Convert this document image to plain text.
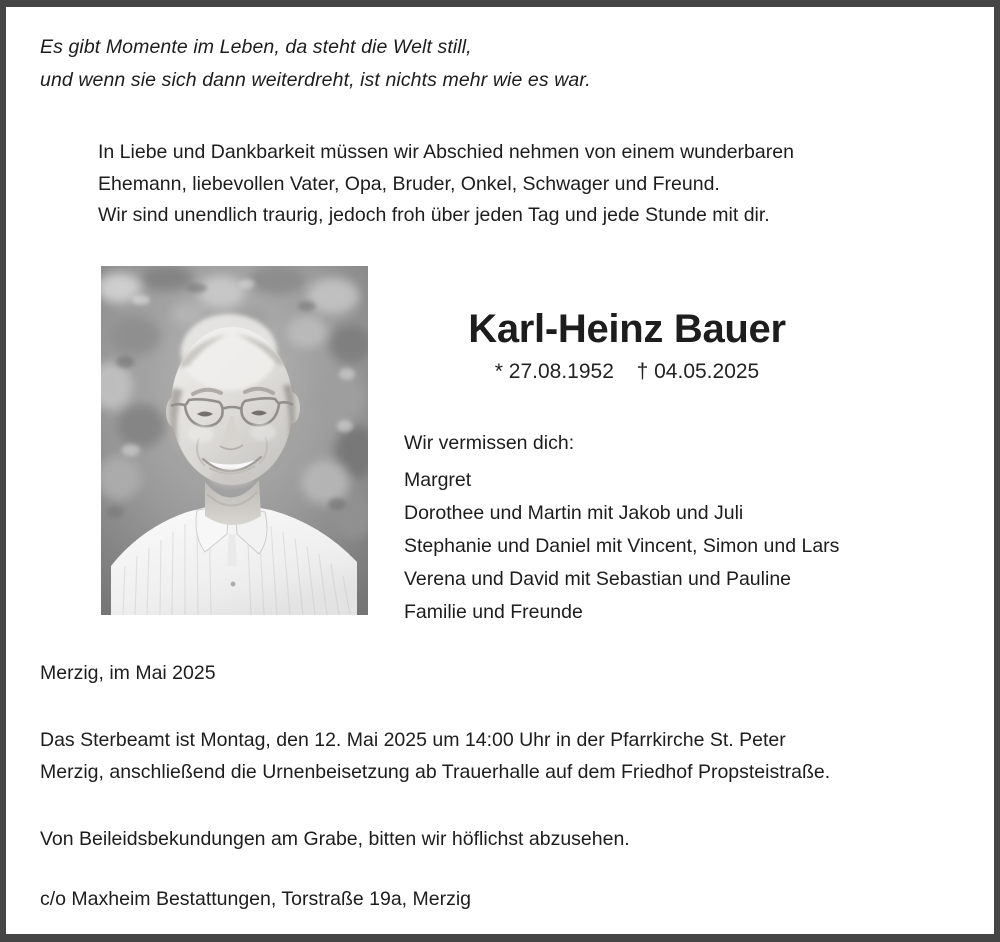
Es gibt Momente im Leben, da steht die Welt still,
und wenn sie sich dann weiterdreht, ist nichts mehr wie es war.
In Liebe und Dankbarkeit müssen wir Abschied nehmen von einem wunderbaren
Ehemann, liebevollen Vater, Opa, Bruder, Onkel, Schwager und Freund.
Wir sind unendlich traurig, jedoch froh über jeden Tag und jede Stunde mit dir.
Karl-Heinz Bauer
* 27.08.1952 † 04.05.2025
Wir vermissen dich:
Margret
Dorothee und Martin mit Jakob und Juli
Stephanie und Daniel mit Vincent, Simon und Lars
Verena und David mit Sebastian und Pauline
Familie und Freunde
Merzig, im Mai 2025
Das Sterbeamt ist Montag, den 12. Mai 2025 um 14:00 Uhr in der Pfarrkirche St. Peter
Merzig, anschließend die Urnenbeisetzung ab Trauerhalle auf dem Friedhof Propsteistraße.
Von Beileidsbekundungen am Grabe, bitten wir höflichst abzusehen.
c/o Maxheim Bestattungen, Torstraße 19a, Merzig
